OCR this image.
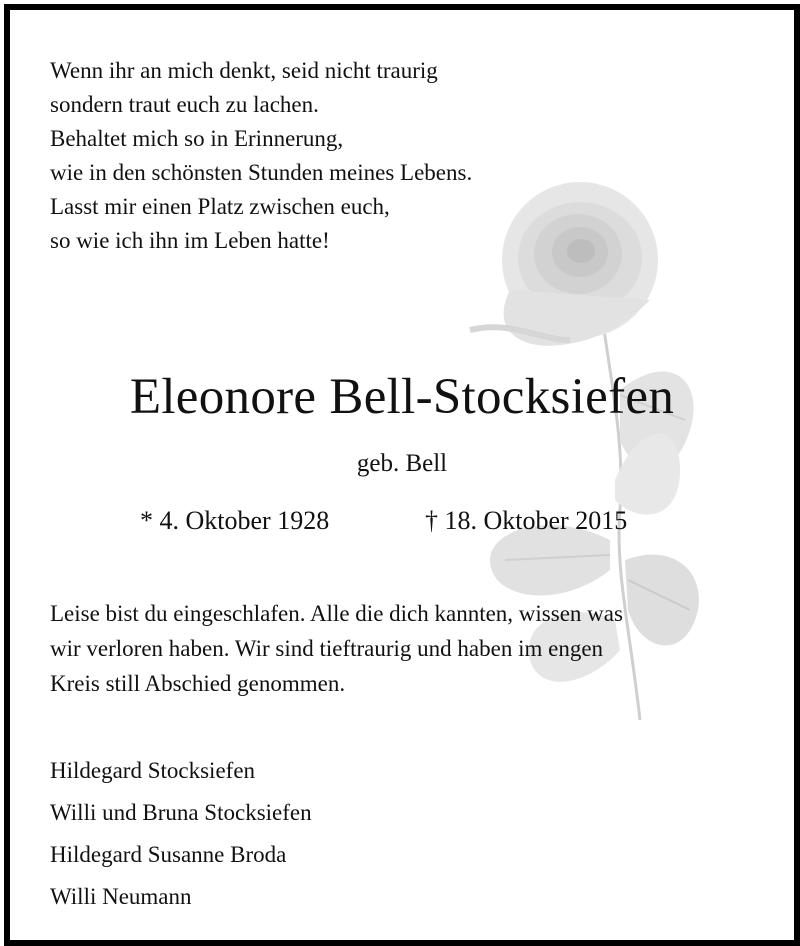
Wenn ihr an mich denkt, seid nicht traurig
sondern traut euch zu lachen.
Behaltet mich so in Erinnerung,
wie in den schönsten Stunden meines Lebens.
Lasst mir einen Platz zwischen euch,
so wie ich ihn im Leben hatte!
Eleonore Bell-Stocksiefen
geb. Bell
* 4. Oktober 1928	† 18. Oktober 2015
Leise bist du eingeschlafen. Alle die dich kannten, wissen was
wir verloren haben. Wir sind tieftraurig und haben im engen
Kreis still Abschied genommen.
Hildegard Stocksiefen
Willi und Bruna Stocksiefen
Hildegard Susanne Broda
Willi Neumann
